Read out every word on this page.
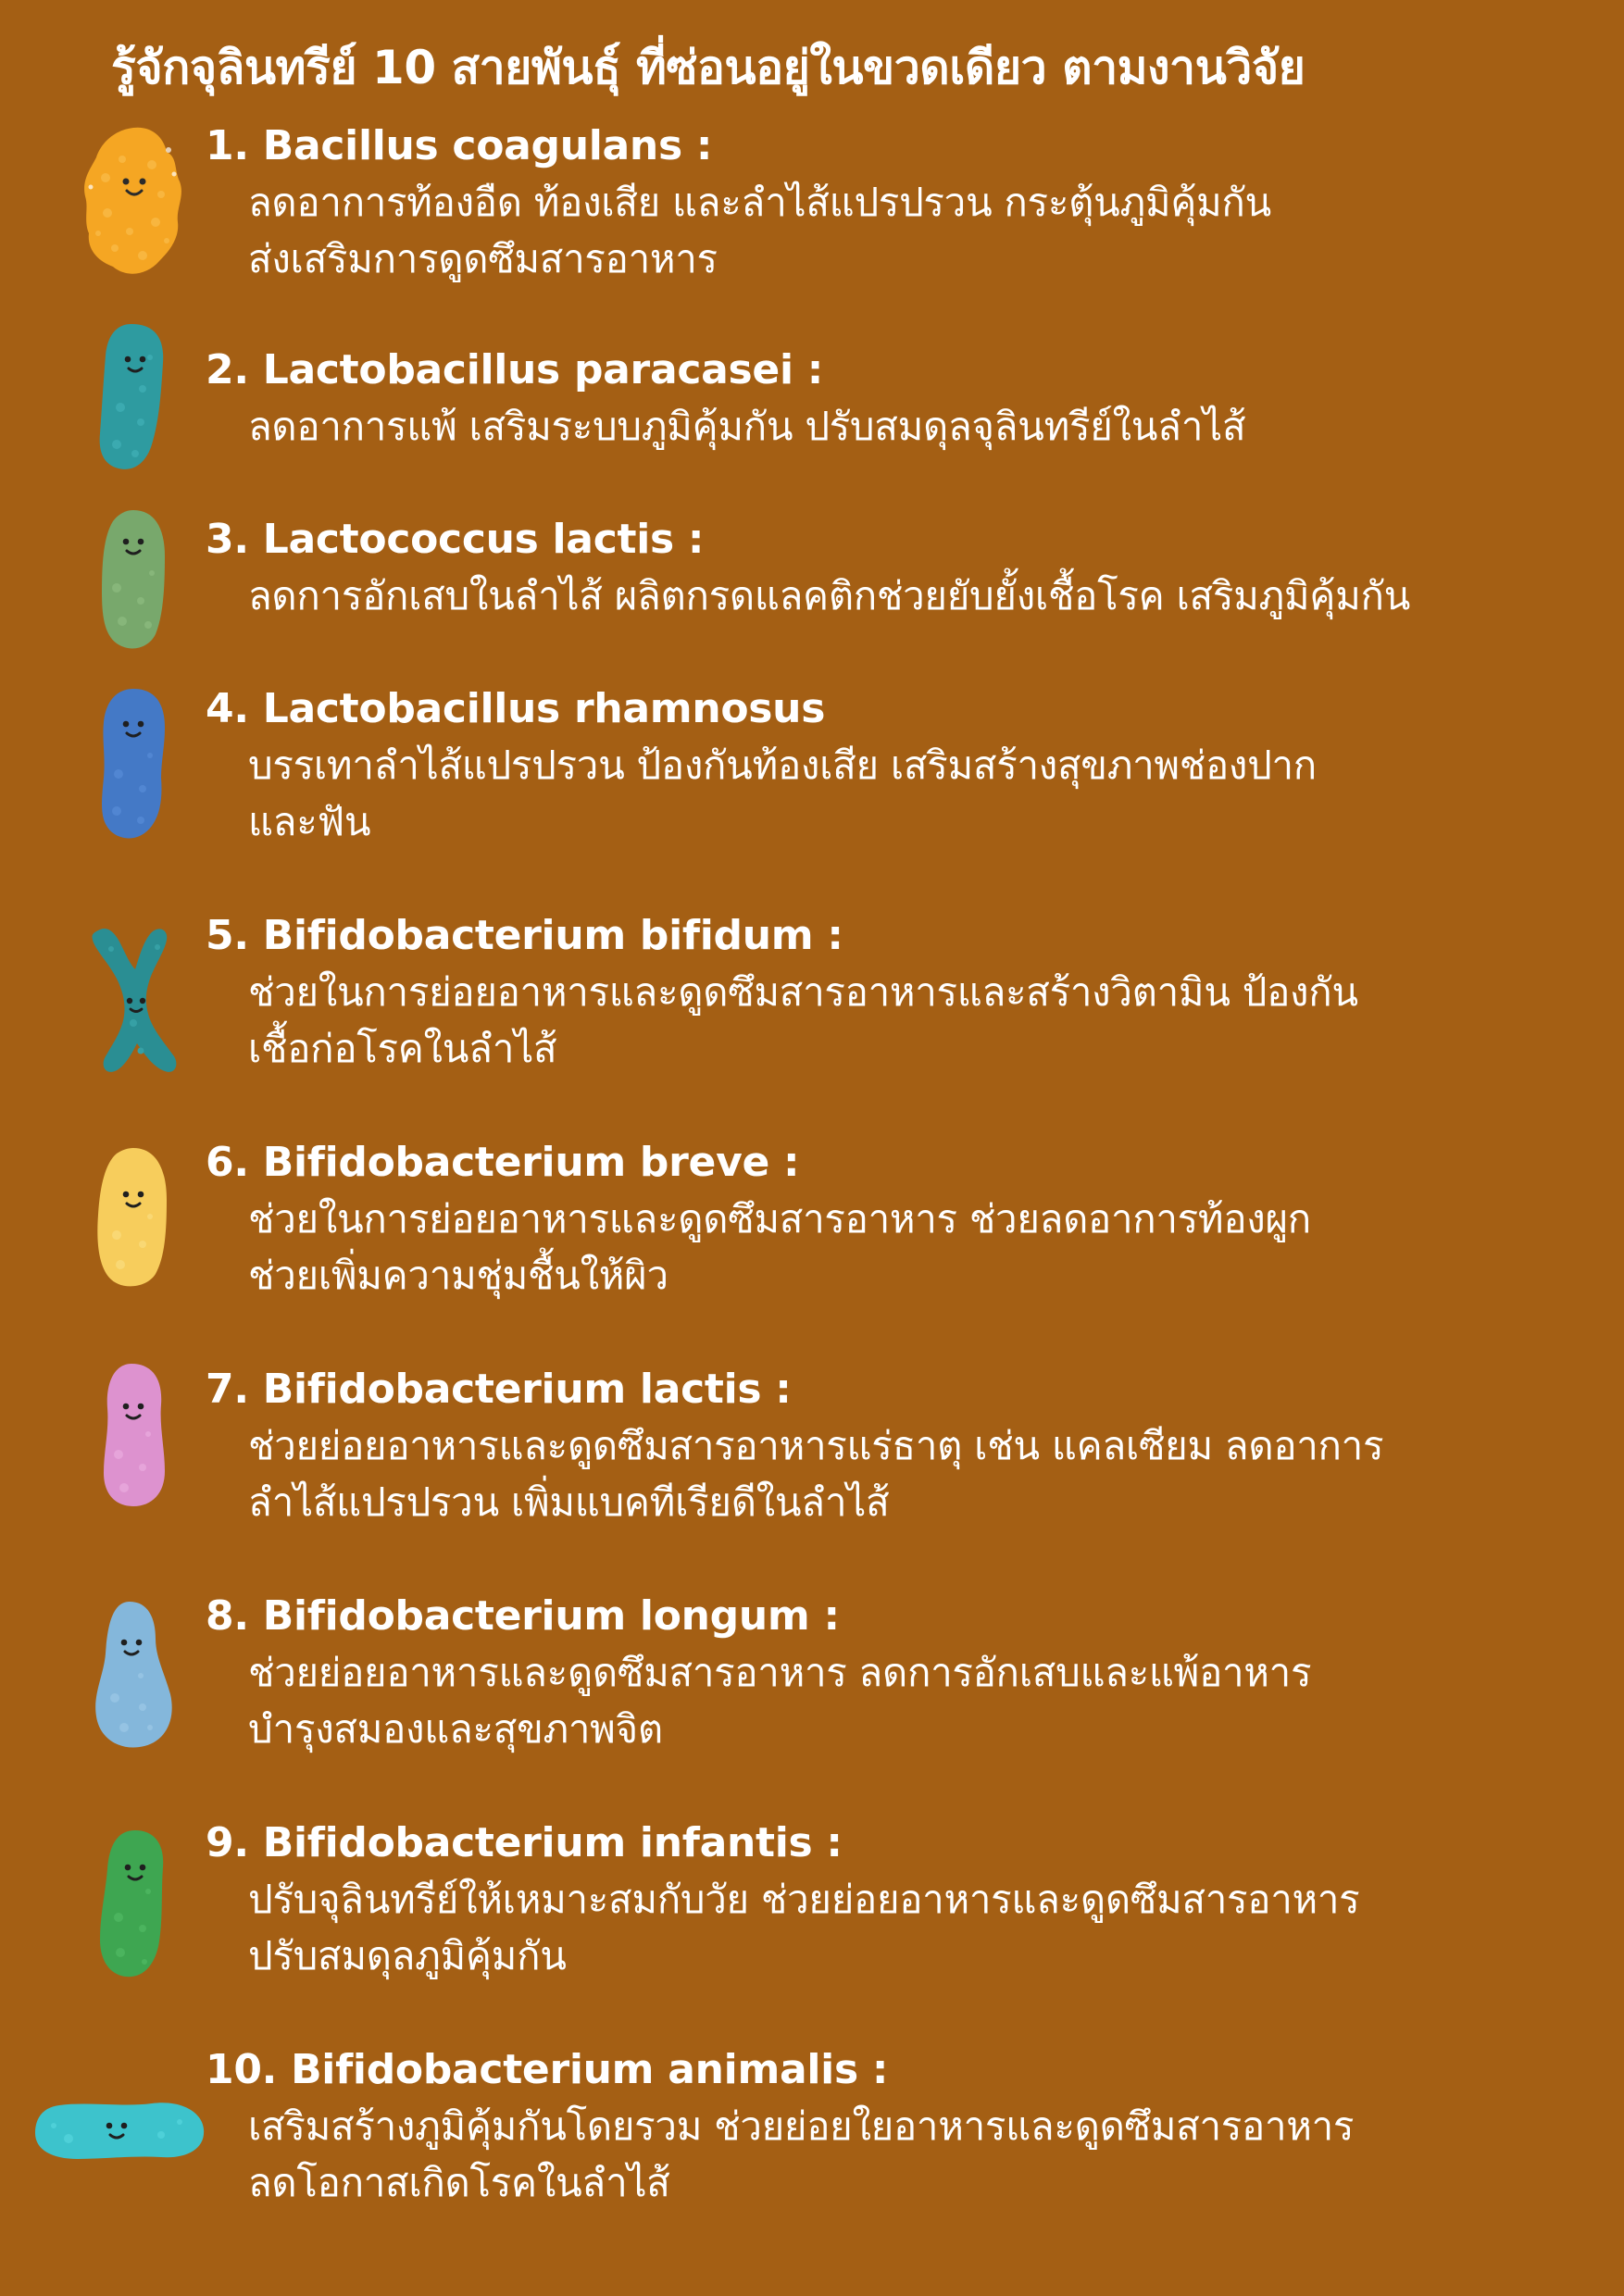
รู้จักจุลินทรีย์ 10 สายพันธุ์ ที่ซ่อนอยู่ในขวดเดียว ตามงานวิจัย
1. Bacillus coagulans :
ลดอาการท้องอืด ท้องเสีย และลำไส้แปรปรวน กระตุ้นภูมิคุ้มกัน
ส่งเสริมการดูดซึมสารอาหาร
2. Lactobacillus paracasei :
ลดอาการแพ้ เสริมระบบภูมิคุ้มกัน ปรับสมดุลจุลินทรีย์ในลำไส้
3. Lactococcus lactis :
ลดการอักเสบในลำไส้ ผลิตกรดแลคติกช่วยยับยั้งเชื้อโรค เสริมภูมิคุ้มกัน
4. Lactobacillus rhamnosus
บรรเทาลำไส้แปรปรวน ป้องกันท้องเสีย เสริมสร้างสุขภาพช่องปาก
และฟัน
5. Bifidobacterium bifidum :
ช่วยในการย่อยอาหารและดูดซึมสารอาหารและสร้างวิตามิน ป้องกัน
เชื้อก่อโรคในลำไส้
6. Bifidobacterium breve :
ช่วยในการย่อยอาหารและดูดซึมสารอาหาร ช่วยลดอาการท้องผูก
ช่วยเพิ่มความชุ่มชื้นให้ผิว
7. Bifidobacterium lactis :
ช่วยย่อยอาหารและดูดซึมสารอาหารแร่ธาตุ เช่น แคลเซียม ลดอาการ
ลำไส้แปรปรวน เพิ่มแบคทีเรียดีในลำไส้
8. Bifidobacterium longum :
ช่วยย่อยอาหารและดูดซึมสารอาหาร ลดการอักเสบและแพ้อาหาร
บำรุงสมองและสุขภาพจิต
9. Bifidobacterium infantis :
ปรับจุลินทรีย์ให้เหมาะสมกับวัย ช่วยย่อยอาหารและดูดซึมสารอาหาร
ปรับสมดุลภูมิคุ้มกัน
10. Bifidobacterium animalis :
เสริมสร้างภูมิคุ้มกันโดยรวม ช่วยย่อยใยอาหารและดูดซึมสารอาหาร
ลดโอกาสเกิดโรคในลำไส้
